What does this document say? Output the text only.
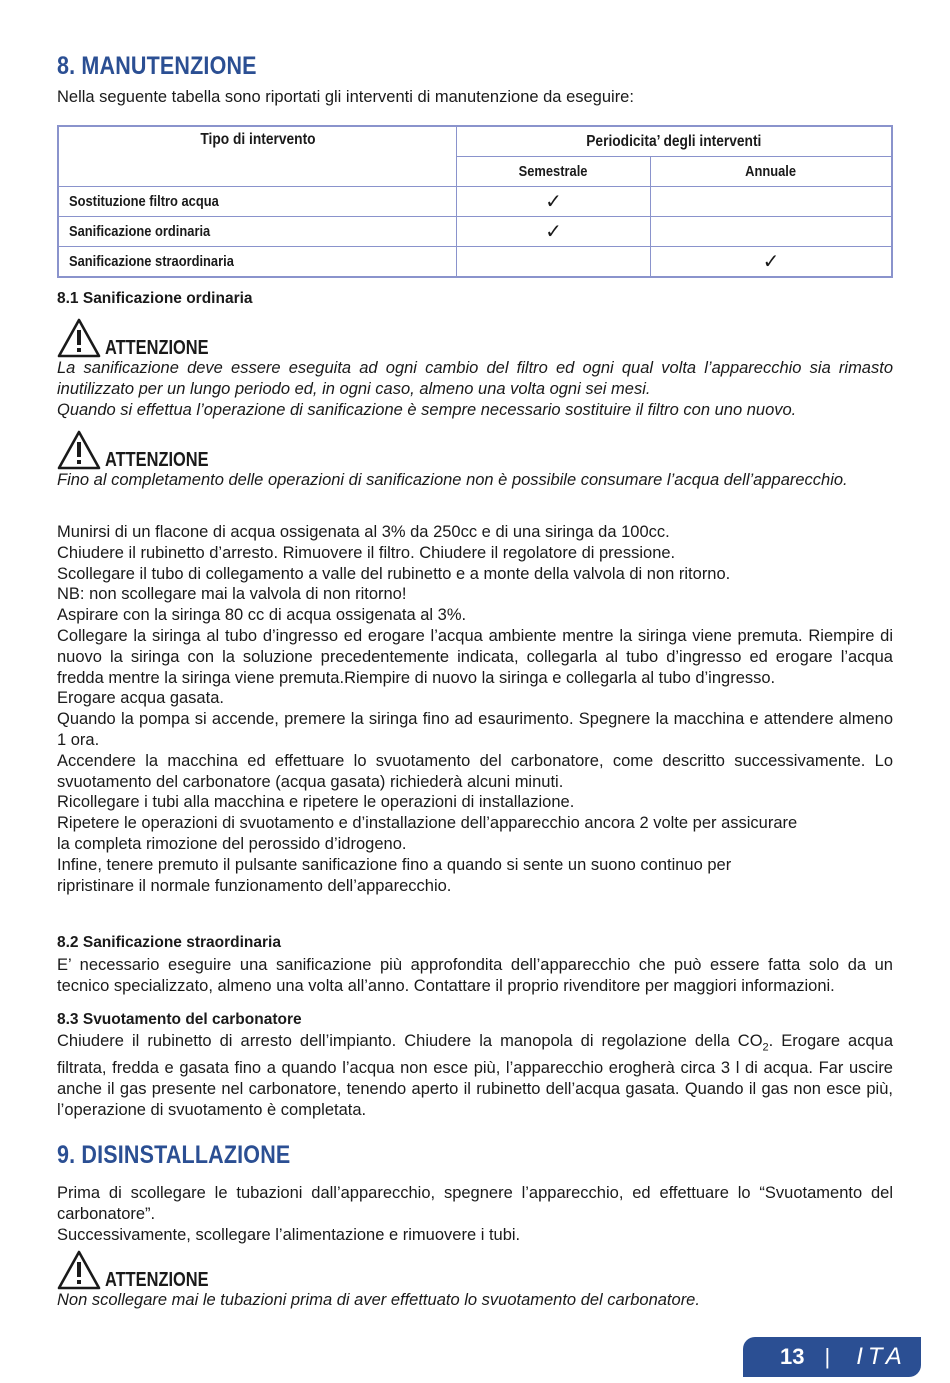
8. MANUTENZIONE
Nella seguente tabella sono riportati gli interventi di manutenzione da eseguire:
Tipo di intervento	Periodicita’ degli interventi	
	Semestrale	Annuale
Sostituzione filtro acqua	✓	
Sanificazione ordinaria	✓	
Sanificazione straordinaria		✓
8.1 Sanificazione ordinaria
ATTENZIONE
La sanificazione deve essere eseguita ad ogni cambio del filtro ed ogni qual volta l’apparecchio sia rimasto inutilizzato per un lungo periodo ed, in ogni caso, almeno una volta ogni sei mesi.
Quando si effettua l’operazione di sanificazione è sempre necessario sostituire il filtro con uno nuovo.
ATTENZIONE
Fino al completamento delle operazioni di sanificazione non è possibile consumare l’acqua dell’apparecchio.

Munirsi di un flacone di acqua ossigenata al 3% da 250cc e di una siringa da 100cc.

Chiudere il rubinetto d’arresto. Rimuovere il filtro. Chiudere il regolatore di pressione.

Scollegare il tubo di collegamento a valle del rubinetto e a monte della valvola di non ritorno.

NB: non scollegare mai la valvola di non ritorno!

Aspirare con la siringa 80 cc di acqua ossigenata al 3%.

Collegare la siringa al tubo d’ingresso ed erogare l’acqua ambiente mentre la siringa viene premuta. Riempire di nuovo la siringa con la soluzione precedentemente indicata, collegarla al tubo d’ingresso ed erogare l’acqua fredda mentre la siringa viene premuta.Riempire di nuovo la siringa e collegarla al tubo d’ingresso.

Erogare acqua gasata.

Quando la pompa si accende, premere la siringa fino ad esaurimento. Spegnere la macchina e attendere almeno 1 ora.

Accendere la macchina ed effettuare lo svuotamento del carbonatore, come descritto successivamente. Lo svuotamento del carbonatore (acqua gasata) richiederà alcuni minuti.

Ricollegare i tubi alla macchina e ripetere le operazioni di installazione.

Ripetere le operazioni di svuotamento e d’installazione dell’apparecchio ancora 2 volte per assicurare

la completa rimozione del perossido d’idrogeno.

Infine, tenere premuto il pulsante sanificazione fino a quando si sente un suono continuo per

ripristinare il normale funzionamento dell’apparecchio.

8.2 Sanificazione straordinaria

E’ necessario eseguire una sanificazione più approfondita dell’apparecchio che può essere fatta solo da un tecnico specializzato, almeno una volta all’anno. Contattare il proprio rivenditore per maggiori informazioni.

8.3 Svuotamento del carbonatore

Chiudere il rubinetto di arresto dell’impianto. Chiudere la manopola di regolazione della $CO_2$. Erogare acqua filtrata, fredda e gasata fino a quando l’acqua non esce più, l’apparecchio erogherà circa 3 l di acqua. Far uscire anche il gas presente nel carbonatore, tenendo aperto il rubinetto dell’acqua gasata. Quando il gas non esce più, l’operazione di svuotamento è completata.

9. DISINSTALLAZIONE

Prima di scollegare le tubazioni dall’apparecchio, spegnere l’apparecchio, ed effettuare lo “Svuotamento del carbonatore”.

Successivamente, scollegare l’alimentazione e rimuovere i tubi.

ATTENZIONE
Non scollegare mai le tubazioni prima di aver effettuato lo svuotamento del carbonatore.
13 | ITA
